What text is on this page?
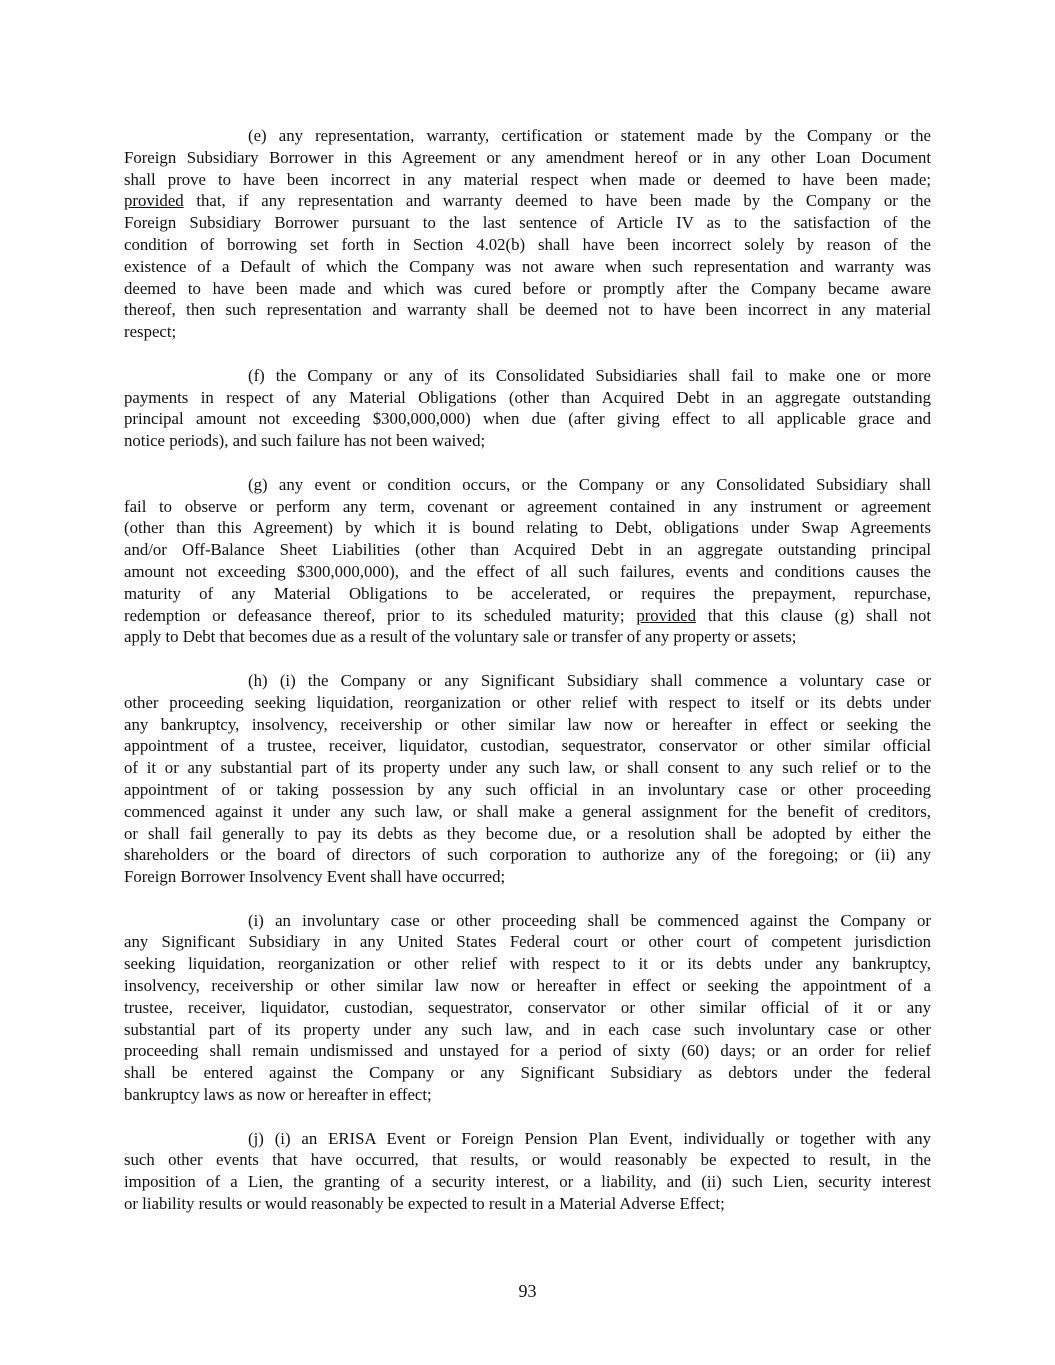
(e) any representation, warranty, certification or statement made by the Company or the
Foreign Subsidiary Borrower in this Agreement or any amendment hereof or in any other Loan Document
shall prove to have been incorrect in any material respect when made or deemed to have been made;
provided that, if any representation and warranty deemed to have been made by the Company or the
Foreign Subsidiary Borrower pursuant to the last sentence of Article IV as to the satisfaction of the
condition of borrowing set forth in Section 4.02(b) shall have been incorrect solely by reason of the
existence of a Default of which the Company was not aware when such representation and warranty was
deemed to have been made and which was cured before or promptly after the Company became aware
thereof, then such representation and warranty shall be deemed not to have been incorrect in any material
respect;
(f) the Company or any of its Consolidated Subsidiaries shall fail to make one or more
payments in respect of any Material Obligations (other than Acquired Debt in an aggregate outstanding
principal amount not exceeding $300,000,000) when due (after giving effect to all applicable grace and
notice periods), and such failure has not been waived;
(g) any event or condition occurs, or the Company or any Consolidated Subsidiary shall
fail to observe or perform any term, covenant or agreement contained in any instrument or agreement
(other than this Agreement) by which it is bound relating to Debt, obligations under Swap Agreements
and/or Off-Balance Sheet Liabilities (other than Acquired Debt in an aggregate outstanding principal
amount not exceeding $300,000,000), and the effect of all such failures, events and conditions causes the
maturity of any Material Obligations to be accelerated, or requires the prepayment, repurchase,
redemption or defeasance thereof, prior to its scheduled maturity; provided that this clause (g) shall not
apply to Debt that becomes due as a result of the voluntary sale or transfer of any property or assets;
(h) (i) the Company or any Significant Subsidiary shall commence a voluntary case or
other proceeding seeking liquidation, reorganization or other relief with respect to itself or its debts under
any bankruptcy, insolvency, receivership or other similar law now or hereafter in effect or seeking the
appointment of a trustee, receiver, liquidator, custodian, sequestrator, conservator or other similar official
of it or any substantial part of its property under any such law, or shall consent to any such relief or to the
appointment of or taking possession by any such official in an involuntary case or other proceeding
commenced against it under any such law, or shall make a general assignment for the benefit of creditors,
or shall fail generally to pay its debts as they become due, or a resolution shall be adopted by either the
shareholders or the board of directors of such corporation to authorize any of the foregoing; or (ii) any
Foreign Borrower Insolvency Event shall have occurred;
(i) an involuntary case or other proceeding shall be commenced against the Company or
any Significant Subsidiary in any United States Federal court or other court of competent jurisdiction
seeking liquidation, reorganization or other relief with respect to it or its debts under any bankruptcy,
insolvency, receivership or other similar law now or hereafter in effect or seeking the appointment of a
trustee, receiver, liquidator, custodian, sequestrator, conservator or other similar official of it or any
substantial part of its property under any such law, and in each case such involuntary case or other
proceeding shall remain undismissed and unstayed for a period of sixty (60) days; or an order for relief
shall be entered against the Company or any Significant Subsidiary as debtors under the federal
bankruptcy laws as now or hereafter in effect;
(j) (i) an ERISA Event or Foreign Pension Plan Event, individually or together with any
such other events that have occurred, that results, or would reasonably be expected to result, in the
imposition of a Lien, the granting of a security interest, or a liability, and (ii) such Lien, security interest
or liability results or would reasonably be expected to result in a Material Adverse Effect;
93
